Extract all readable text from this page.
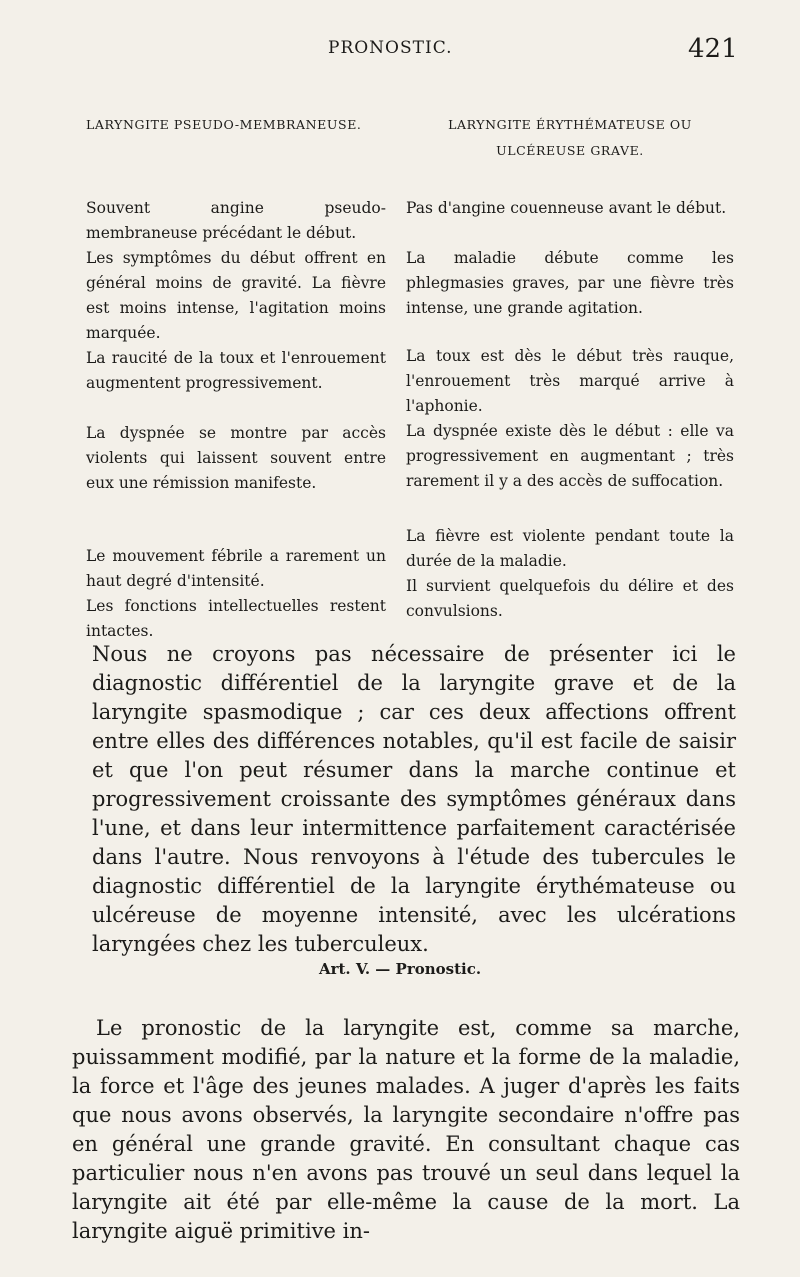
PRONOSTIC.	421
LARYNGITE PSEUDO-MEMBRANEUSE.
Souvent angine pseudo-membraneuse précédant le début.
Les symptômes du début offrent en général moins de gravité. La fièvre est moins intense, l'agitation moins marquée.
La raucité de la toux et l'enrouement augmentent progressivement.
La dyspnée se montre par accès violents qui laissent souvent entre eux une rémission manifeste.
Le mouvement fébrile a rarement un haut degré d'intensité.
Les fonctions intellectuelles restent intactes.
LARYNGITE ÉRYTHÉMATEUSE OU ULCÉREUSE GRAVE.
Pas d'angine couenneuse avant le début.
La maladie débute comme les phlegmasies graves, par une fièvre très intense, une grande agitation.
La toux est dès le début très rauque, l'enrouement très marqué arrive à l'aphonie.
La dyspnée existe dès le début : elle va progressivement en augmentant ; très rarement il y a des accès de suffocation.
La fièvre est violente pendant toute la durée de la maladie.
Il survient quelquefois du délire et des convulsions.

Nous ne croyons pas nécessaire de présenter ici le diagnostic différentiel de la laryngite grave et de la laryngite spasmodique ; car ces deux affections offrent entre elles des différences notables, qu'il est facile de saisir et que l'on peut résumer dans la marche continue et progressivement croissante des symptômes généraux dans l'une, et dans leur intermittence parfaitement caractérisée dans l'autre. Nous renvoyons à l'étude des tubercules le diagnostic différentiel de la laryngite érythémateuse ou ulcéreuse de moyenne intensité, avec les ulcérations laryngées chez les tuberculeux.

Art. V. — Pronostic.

Le pronostic de la laryngite est, comme sa marche, puissamment modifié, par la nature et la forme de la maladie, la force et l'âge des jeunes malades. A juger d'après les faits que nous avons observés, la laryngite secondaire n'offre pas en général une grande gravité. En consultant chaque cas particulier nous n'en avons pas trouvé un seul dans lequel la laryngite ait été par elle-même la cause de la mort. La laryngite aiguë primitive in-
